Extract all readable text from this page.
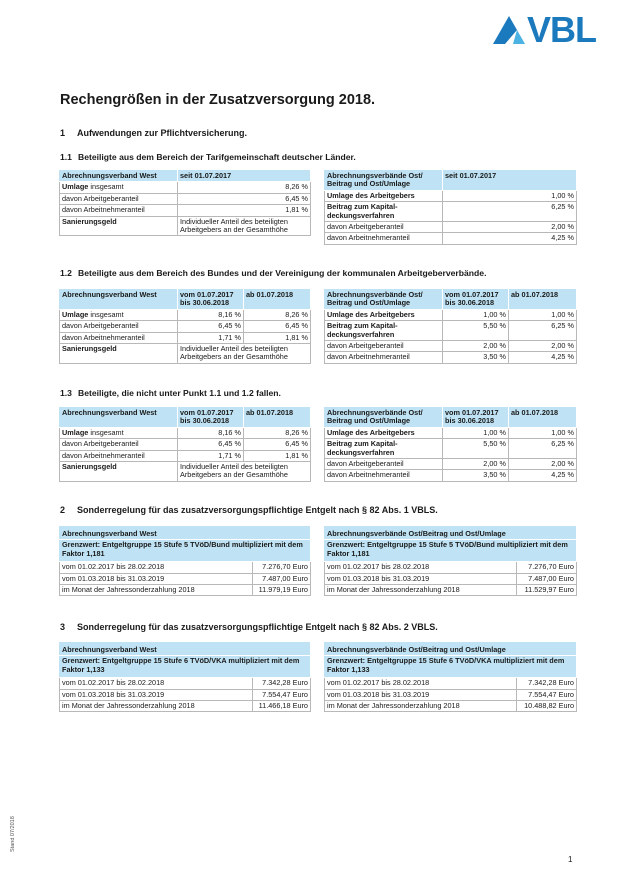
VBL
Rechengrößen in der Zusatzversorgung 2018.
1 Aufwendungen zur Pflichtversicherung.
1.1 Beteiligte aus dem Bereich der Tarifgemeinschaft deutscher Länder.
Abrechnungsverband West	seit 01.07.2017
Umlage insgesamt	8,26 %
davon Arbeitgeberanteil	6,45 %
davon Arbeitnehmeranteil	1,81 %
Sanierungsgeld	Individueller Anteil des beteiligten Arbeitgebers an der Gesamthöhe
Abrechnungsverbände Ost/ Beitrag und Ost/Umlage	seit 01.07.2017
Umlage des Arbeitgebers	1,00 %
Beitrag zum Kapital-deckungsverfahren	6,25 %
davon Arbeitgeberanteil	2,00 %
davon Arbeitnehmeranteil	4,25 %
1.2 Beteiligte aus dem Bereich des Bundes und der Vereinigung der kommunalen Arbeitgeberverbände.
Abrechnungsverband West	vom 01.07.2017 bis 30.06.2018	ab 01.07.2018
Umlage insgesamt	8,16 %	8,26 %
davon Arbeitgeberanteil	6,45 %	6,45 %
davon Arbeitnehmeranteil	1,71 %	1,81 %
Sanierungsgeld	Individueller Anteil des beteiligten Arbeitgebers an der Gesamthöhe	
Abrechnungsverbände Ost/ Beitrag und Ost/Umlage	vom 01.07.2017 bis 30.06.2018	ab 01.07.2018
Umlage des Arbeitgebers	1,00 %	1,00 %
Beitrag zum Kapital-deckungsverfahren	5,50 %	6,25 %
davon Arbeitgeberanteil	2,00 %	2,00 %
davon Arbeitnehmeranteil	3,50 %	4,25 %
1.3 Beteiligte, die nicht unter Punkt 1.1 und 1.2 fallen.
Abrechnungsverband West	vom 01.07.2017 bis 30.06.2018	ab 01.07.2018
Umlage insgesamt	8,16 %	8,26 %
davon Arbeitgeberanteil	6,45 %	6,45 %
davon Arbeitnehmeranteil	1,71 %	1,81 %
Sanierungsgeld	Individueller Anteil des beteiligten Arbeitgebers an der Gesamthöhe	
Abrechnungsverbände Ost/ Beitrag und Ost/Umlage	vom 01.07.2017 bis 30.06.2018	ab 01.07.2018
Umlage des Arbeitgebers	1,00 %	1,00 %
Beitrag zum Kapital-deckungsverfahren	5,50 %	6,25 %
davon Arbeitgeberanteil	2,00 %	2,00 %
davon Arbeitnehmeranteil	3,50 %	4,25 %
2 Sonderregelung für das zusatzversorgungspflichtige Entgelt nach § 82 Abs. 1 VBLS.
Abrechnungsverband West	
Grenzwert: Entgeltgruppe 15 Stufe 5 TVöD/Bund multipliziert mit dem Faktor 1,181	
vom 01.02.2017 bis 28.02.2018	7.276,70 Euro
vom 01.03.2018 bis 31.03.2019	7.487,00 Euro
im Monat der Jahressonderzahlung 2018	11.979,19 Euro
Abrechnungsverbände Ost/Beitrag und Ost/Umlage	
Grenzwert: Entgeltgruppe 15 Stufe 5 TVöD/Bund multipliziert mit dem Faktor 1,181	
vom 01.02.2017 bis 28.02.2018	7.276,70 Euro
vom 01.03.2018 bis 31.03.2019	7.487,00 Euro
im Monat der Jahressonderzahlung 2018	11.529,97 Euro
3 Sonderregelung für das zusatzversorgungspflichtige Entgelt nach § 82 Abs. 2 VBLS.
Abrechnungsverband West	
Grenzwert: Entgeltgruppe 15 Stufe 6 TVöD/VKA multipliziert mit dem Faktor 1,133	
vom 01.02.2017 bis 28.02.2018	7.342,28 Euro
vom 01.03.2018 bis 31.03.2019	7.554,47 Euro
im Monat der Jahressonderzahlung 2018	11.466,18 Euro
Abrechnungsverbände Ost/Beitrag und Ost/Umlage	
Grenzwert: Entgeltgruppe 15 Stufe 6 TVöD/VKA multipliziert mit dem Faktor 1,133	
vom 01.02.2017 bis 28.02.2018	7.342,28 Euro
vom 01.03.2018 bis 31.03.2019	7.554,47 Euro
im Monat der Jahressonderzahlung 2018	10.488,82 Euro
Stand 07/2018
1
